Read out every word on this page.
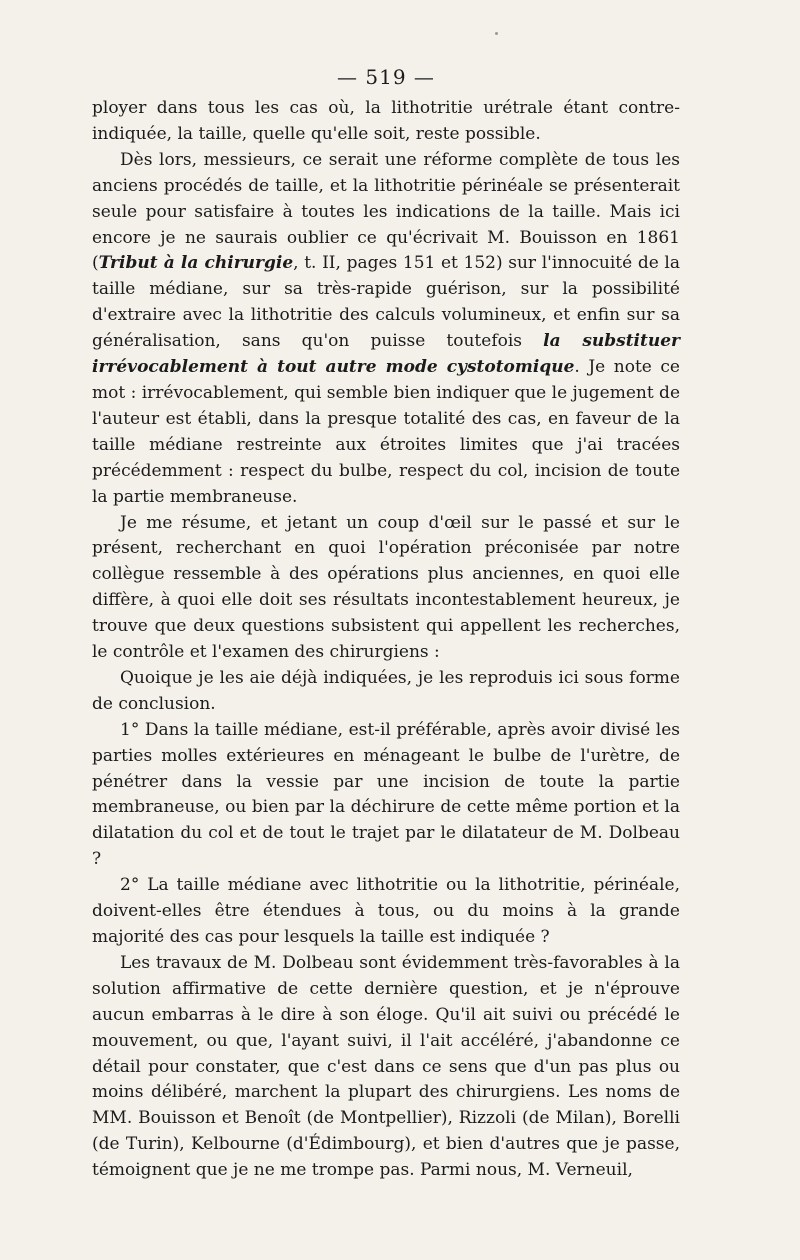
— 519 —

ployer dans tous les cas où, la lithotritie urétrale étant contre-indiquée, la taille, quelle qu'elle soit, reste possible.

Dès lors, messieurs, ce serait une réforme complète de tous les anciens procédés de taille, et la lithotritie périnéale se présenterait seule pour satisfaire à toutes les indications de la taille. Mais ici encore je ne saurais oublier ce qu'écrivait M. Bouisson en 1861 (Tribut à la chirurgie, t. II, pages 151 et 152) sur l'innocuité de la taille médiane, sur sa très-rapide guérison, sur la possibilité d'extraire avec la lithotritie des calculs volumineux, et enfin sur sa généralisation, sans qu'on puisse toutefois la substituer irrévocablement à tout autre mode cystotomique. Je note ce mot : irrévocablement, qui semble bien indiquer que le jugement de l'auteur est établi, dans la presque totalité des cas, en faveur de la taille médiane restreinte aux étroites limites que j'ai tracées précédemment : respect du bulbe, respect du col, incision de toute la partie membraneuse.

Je me résume, et jetant un coup d'œil sur le passé et sur le présent, recherchant en quoi l'opération préconisée par notre collègue ressemble à des opérations plus anciennes, en quoi elle diffère, à quoi elle doit ses résultats incontestablement heureux, je trouve que deux questions subsistent qui appellent les recherches, le contrôle et l'examen des chirurgiens :

Quoique je les aie déjà indiquées, je les reproduis ici sous forme de conclusion.

1° Dans la taille médiane, est-il préférable, après avoir divisé les parties molles extérieures en ménageant le bulbe de l'urètre, de pénétrer dans la vessie par une incision de toute la partie membraneuse, ou bien par la déchirure de cette même portion et la dilatation du col et de tout le trajet par le dilatateur de M. Dolbeau ?

2° La taille médiane avec lithotritie ou la lithotritie, périnéale, doivent-elles être étendues à tous, ou du moins à la grande majorité des cas pour lesquels la taille est indiquée ?

Les travaux de M. Dolbeau sont évidemment très-favorables à la solution affirmative de cette dernière question, et je n'éprouve aucun embarras à le dire à son éloge. Qu'il ait suivi ou précédé le mouvement, ou que, l'ayant suivi, il l'ait accéléré, j'abandonne ce détail pour constater, que c'est dans ce sens que d'un pas plus ou moins délibéré, marchent la plupart des chirurgiens. Les noms de MM. Bouisson et Benoît (de Montpellier), Rizzoli (de Milan), Borelli (de Turin), Kelbourne (d'Édimbourg), et bien d'autres que je passe, témoignent que je ne me trompe pas. Parmi nous, M. Verneuil,
